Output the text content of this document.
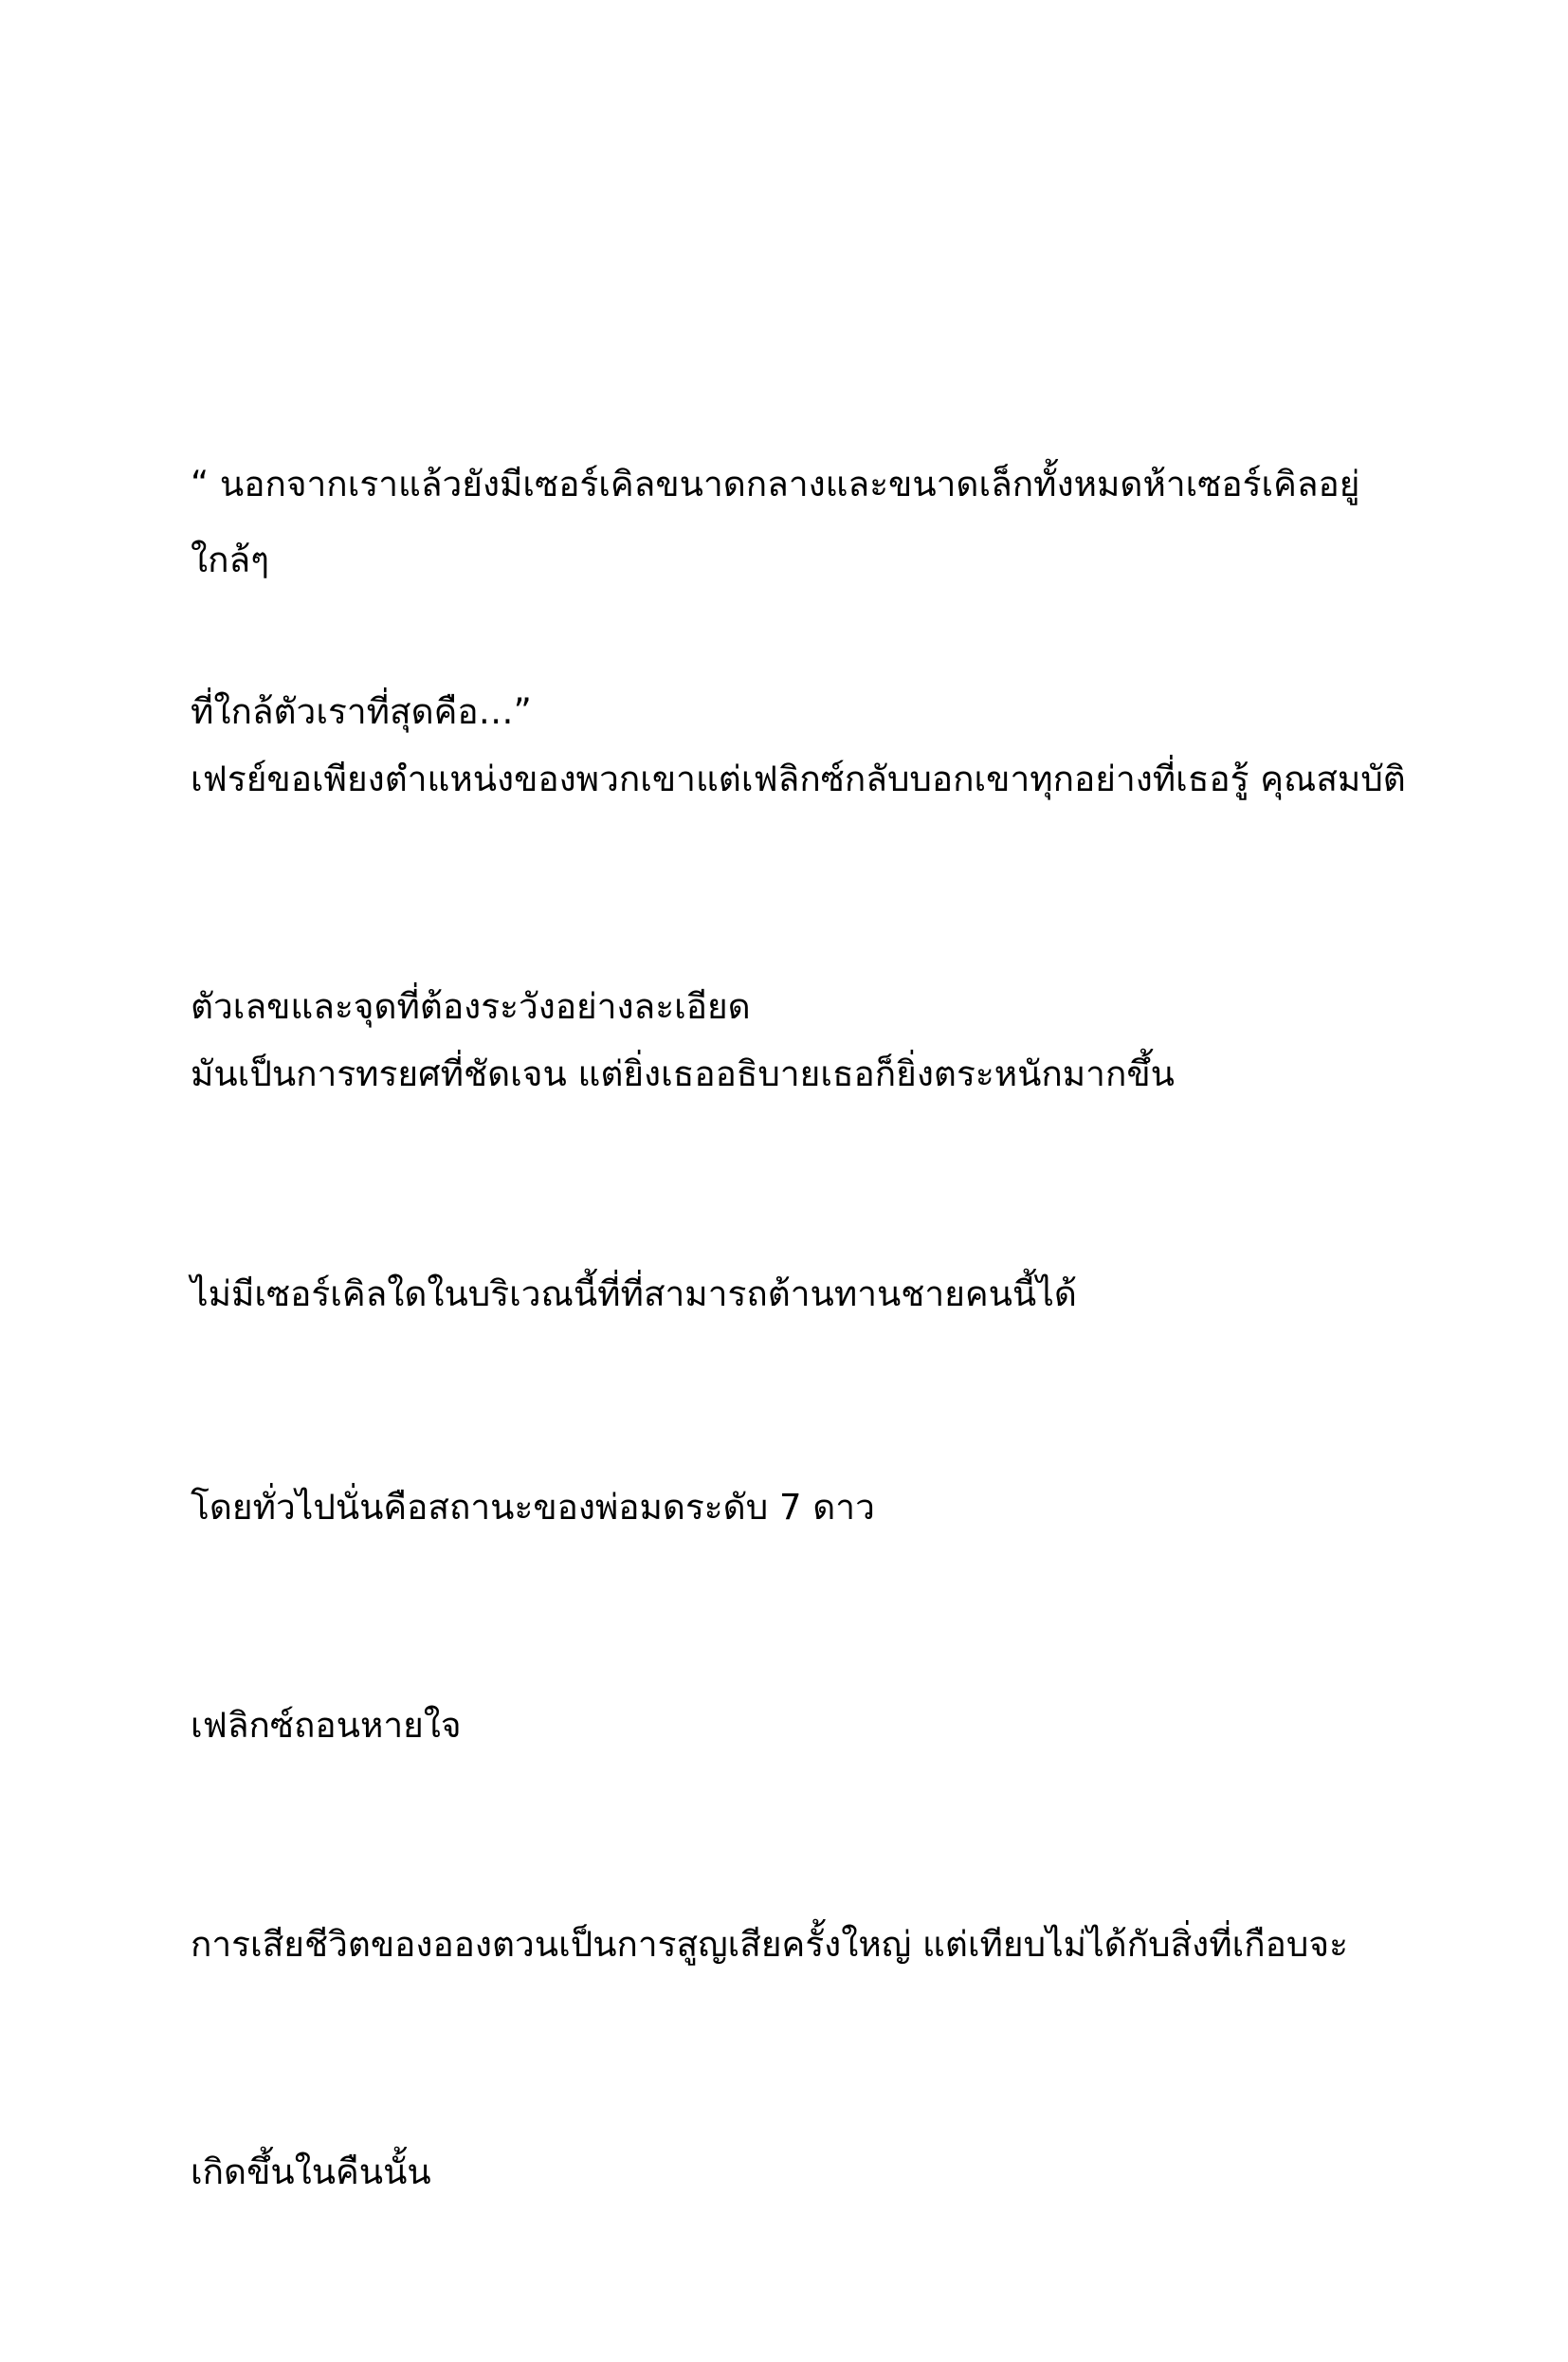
“ นอกจากเราแล้วยังมีเซอร์เคิลขนาดกลางและขนาดเล็กทั้งหมดห้าเซอร์เคิลอยู่ใกล้ๆ

ที่ใกล้ตัวเราที่สุดคือ…”

เฟรย์ขอเพียงตำแหน่งของพวกเขาแต่เฟลิกซ์กลับบอกเขาทุกอย่างที่เธอรู้ คุณสมบัติ

ตัวเลขและจุดที่ต้องระวังอย่างละเอียด

มันเป็นการทรยศที่ชัดเจน แต่ยิ่งเธออธิบายเธอก็ยิ่งตระหนักมากขึ้น

ไม่มีเซอร์เคิลใดในบริเวณนี้ที่ที่สามารถต้านทานชายคนนี้ได้

โดยทั่วไปนั่นคือสถานะของพ่อมดระดับ 7 ดาว

เฟลิกซ์ถอนหายใจ

การเสียชีวิตของอองตวนเป็นการสูญเสียครั้งใหญ่ แต่เทียบไม่ได้กับสิ่งที่เกือบจะ

เกิดขึ้นในคืนนั้น
